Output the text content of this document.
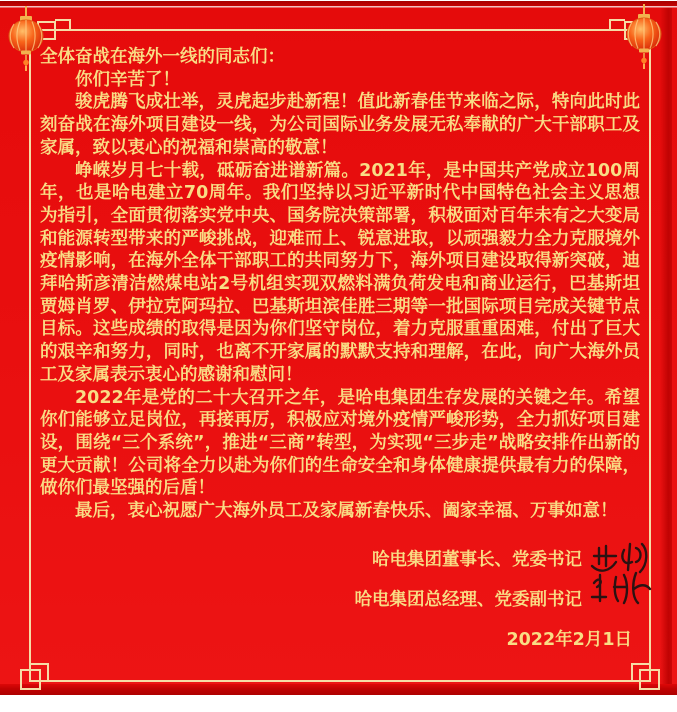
全体奋战在海外一线的同志们：

你们辛苦了！

骏虎腾飞成壮举，灵虎起步赴新程！值此新春佳节来临之际，特向此时此刻奋战在海外项目建设一线，为公司国际业务发展无私奉献的广大干部职工及家属，致以衷心的祝福和崇高的敬意！

峥嵘岁月七十载，砥砺奋进谱新篇。2021年，是中国共产党成立100周年，也是哈电建立70周年。我们坚持以习近平新时代中国特色社会主义思想为指引，全面贯彻落实党中央、国务院决策部署，积极面对百年未有之大变局和能源转型带来的严峻挑战，迎难而上、锐意进取，以顽强毅力全力克服境外疫情影响，在海外全体干部职工的共同努力下，海外项目建设取得新突破，迪拜哈斯彦清洁燃煤电站2号机组实现双燃料满负荷发电和商业运行，巴基斯坦贾姆肖罗、伊拉克阿玛拉、巴基斯坦滨佳胜三期等一批国际项目完成关键节点目标。这些成绩的取得是因为你们坚守岗位，着力克服重重困难，付出了巨大的艰辛和努力，同时，也离不开家属的默默支持和理解，在此，向广大海外员工及家属表示衷心的感谢和慰问！

2022年是党的二十大召开之年，是哈电集团生存发展的关键之年。希望你们能够立足岗位，再接再厉，积极应对境外疫情严峻形势，全力抓好项目建设，围绕“三个系统”，推进“三商”转型，为实现“三步走”战略安排作出新的更大贡献！公司将全力以赴为你们的生命安全和身体健康提供最有力的保障，做你们最坚强的后盾！

最后，衷心祝愿广大海外员工及家属新春快乐、阖家幸福、万事如意！

哈电集团董事长、党委书记
哈电集团总经理、党委副书记
2022年2月1日
